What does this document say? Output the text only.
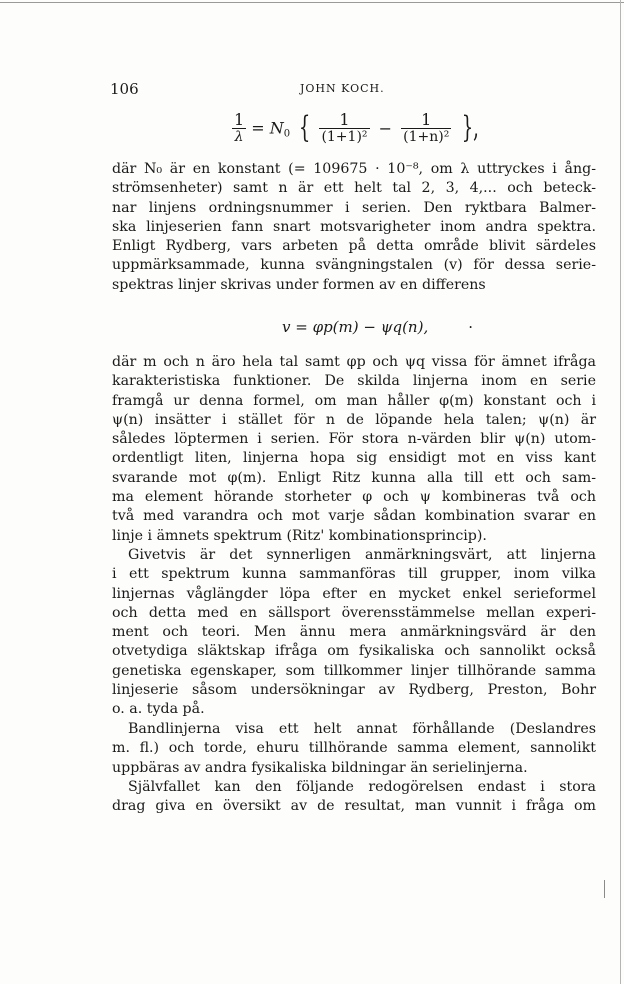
106	JOHN KOCH.
$\frac{1}{\lambda} = N_0$ { $\frac{1}{\text{(1+1)²}} - \frac{1}{\text{(1+n)²}}$ },
där N₀ är en konstant (= 109675 · 10⁻⁸, om λ uttryckes i ång-
strömsenheter) samt n är ett helt tal 2, 3, 4,... och beteck-
nar linjens ordningsnummer i serien. Den ryktbara Balmer-
ska linjeserien fann snart motsvarigheter inom andra spektra.
Enligt Rydberg, vars arbeten på detta område blivit särdeles
uppmärksammade, kunna svängningstalen (v) för dessa serie-
spektras linjer skrivas under formen av en differens
v = φp(m) − ψq(n),	·
där m och n äro hela tal samt φp och ψq vissa för ämnet ifråga
karakteristiska funktioner. De skilda linjerna inom en serie
framgå ur denna formel, om man håller φ(m) konstant och i
ψ(n) insätter i stället för n de löpande hela talen; ψ(n) är
således löptermen i serien. För stora n-värden blir ψ(n) utom-
ordentligt liten, linjerna hopa sig ensidigt mot en viss kant
svarande mot φ(m). Enligt Ritz kunna alla till ett och sam-
ma element hörande storheter φ och ψ kombineras två och
två med varandra och mot varje sådan kombination svarar en
linje i ämnets spektrum (Ritz' kombinationsprincip).
Givetvis är det synnerligen anmärkningsvärt, att linjerna
i ett spektrum kunna sammanföras till grupper, inom vilka
linjernas våglängder löpa efter en mycket enkel serieformel
och detta med en sällsport överensstämmelse mellan experi-
ment och teori. Men ännu mera anmärkningsvärd är den
otvetydiga släktskap ifråga om fysikaliska och sannolikt också
genetiska egenskaper, som tillkommer linjer tillhörande samma
linjeserie såsom undersökningar av Rydberg, Preston, Bohr
o. a. tyda på.
Bandlinjerna visa ett helt annat förhållande (Deslandres
m. fl.) och torde, ehuru tillhörande samma element, sannolikt
uppbäras av andra fysikaliska bildningar än serielinjerna.
Självfallet kan den följande redogörelsen endast i stora
drag giva en översikt av de resultat, man vunnit i fråga om
